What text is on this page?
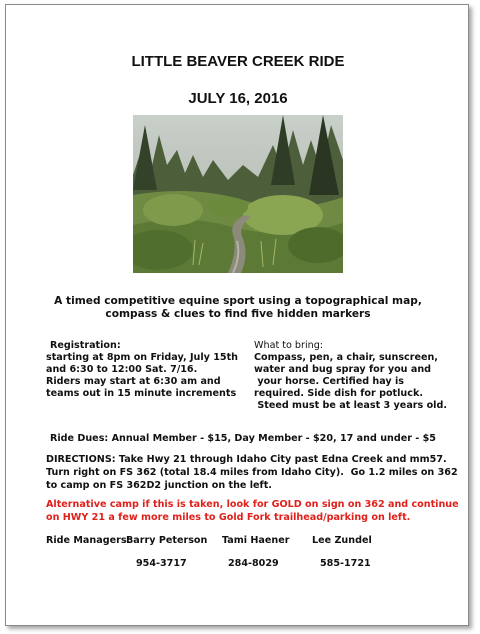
LITTLE BEAVER CREEK RIDE
JULY 16, 2016
A timed competitive equine sport using a topographical map,
compass & clues to find five hidden markers
Registration:
starting at 8pm on Friday, July 15th
and 6:30 to 12:00 Sat. 7/16.
Riders may start at 6:30 am and
teams out in 15 minute increments
What to bring:
Compass, pen, a chair, sunscreen,
water and bug spray for you and
your horse. Certified hay is
required. Side dish for potluck.
Steed must be at least 3 years old.
Ride Dues: Annual Member - $15, Day Member - $20, 17 and under - $5
DIRECTIONS: Take Hwy 21 through Idaho City past Edna Creek and mm57.
Turn right on FS 362 (total 18.4 miles from Idaho City).  Go 1.2 miles on 362
to camp on FS 362D2 junction on the left.
Alternative camp if this is taken, look for GOLD on sign on 362 and continue
on HWY 21 a few more miles to Gold Fork trailhead/parking on left.
Ride Managers:
Barry Peterson Tami Haener Lee Zundel
954-3717	284-8029	585-1721
